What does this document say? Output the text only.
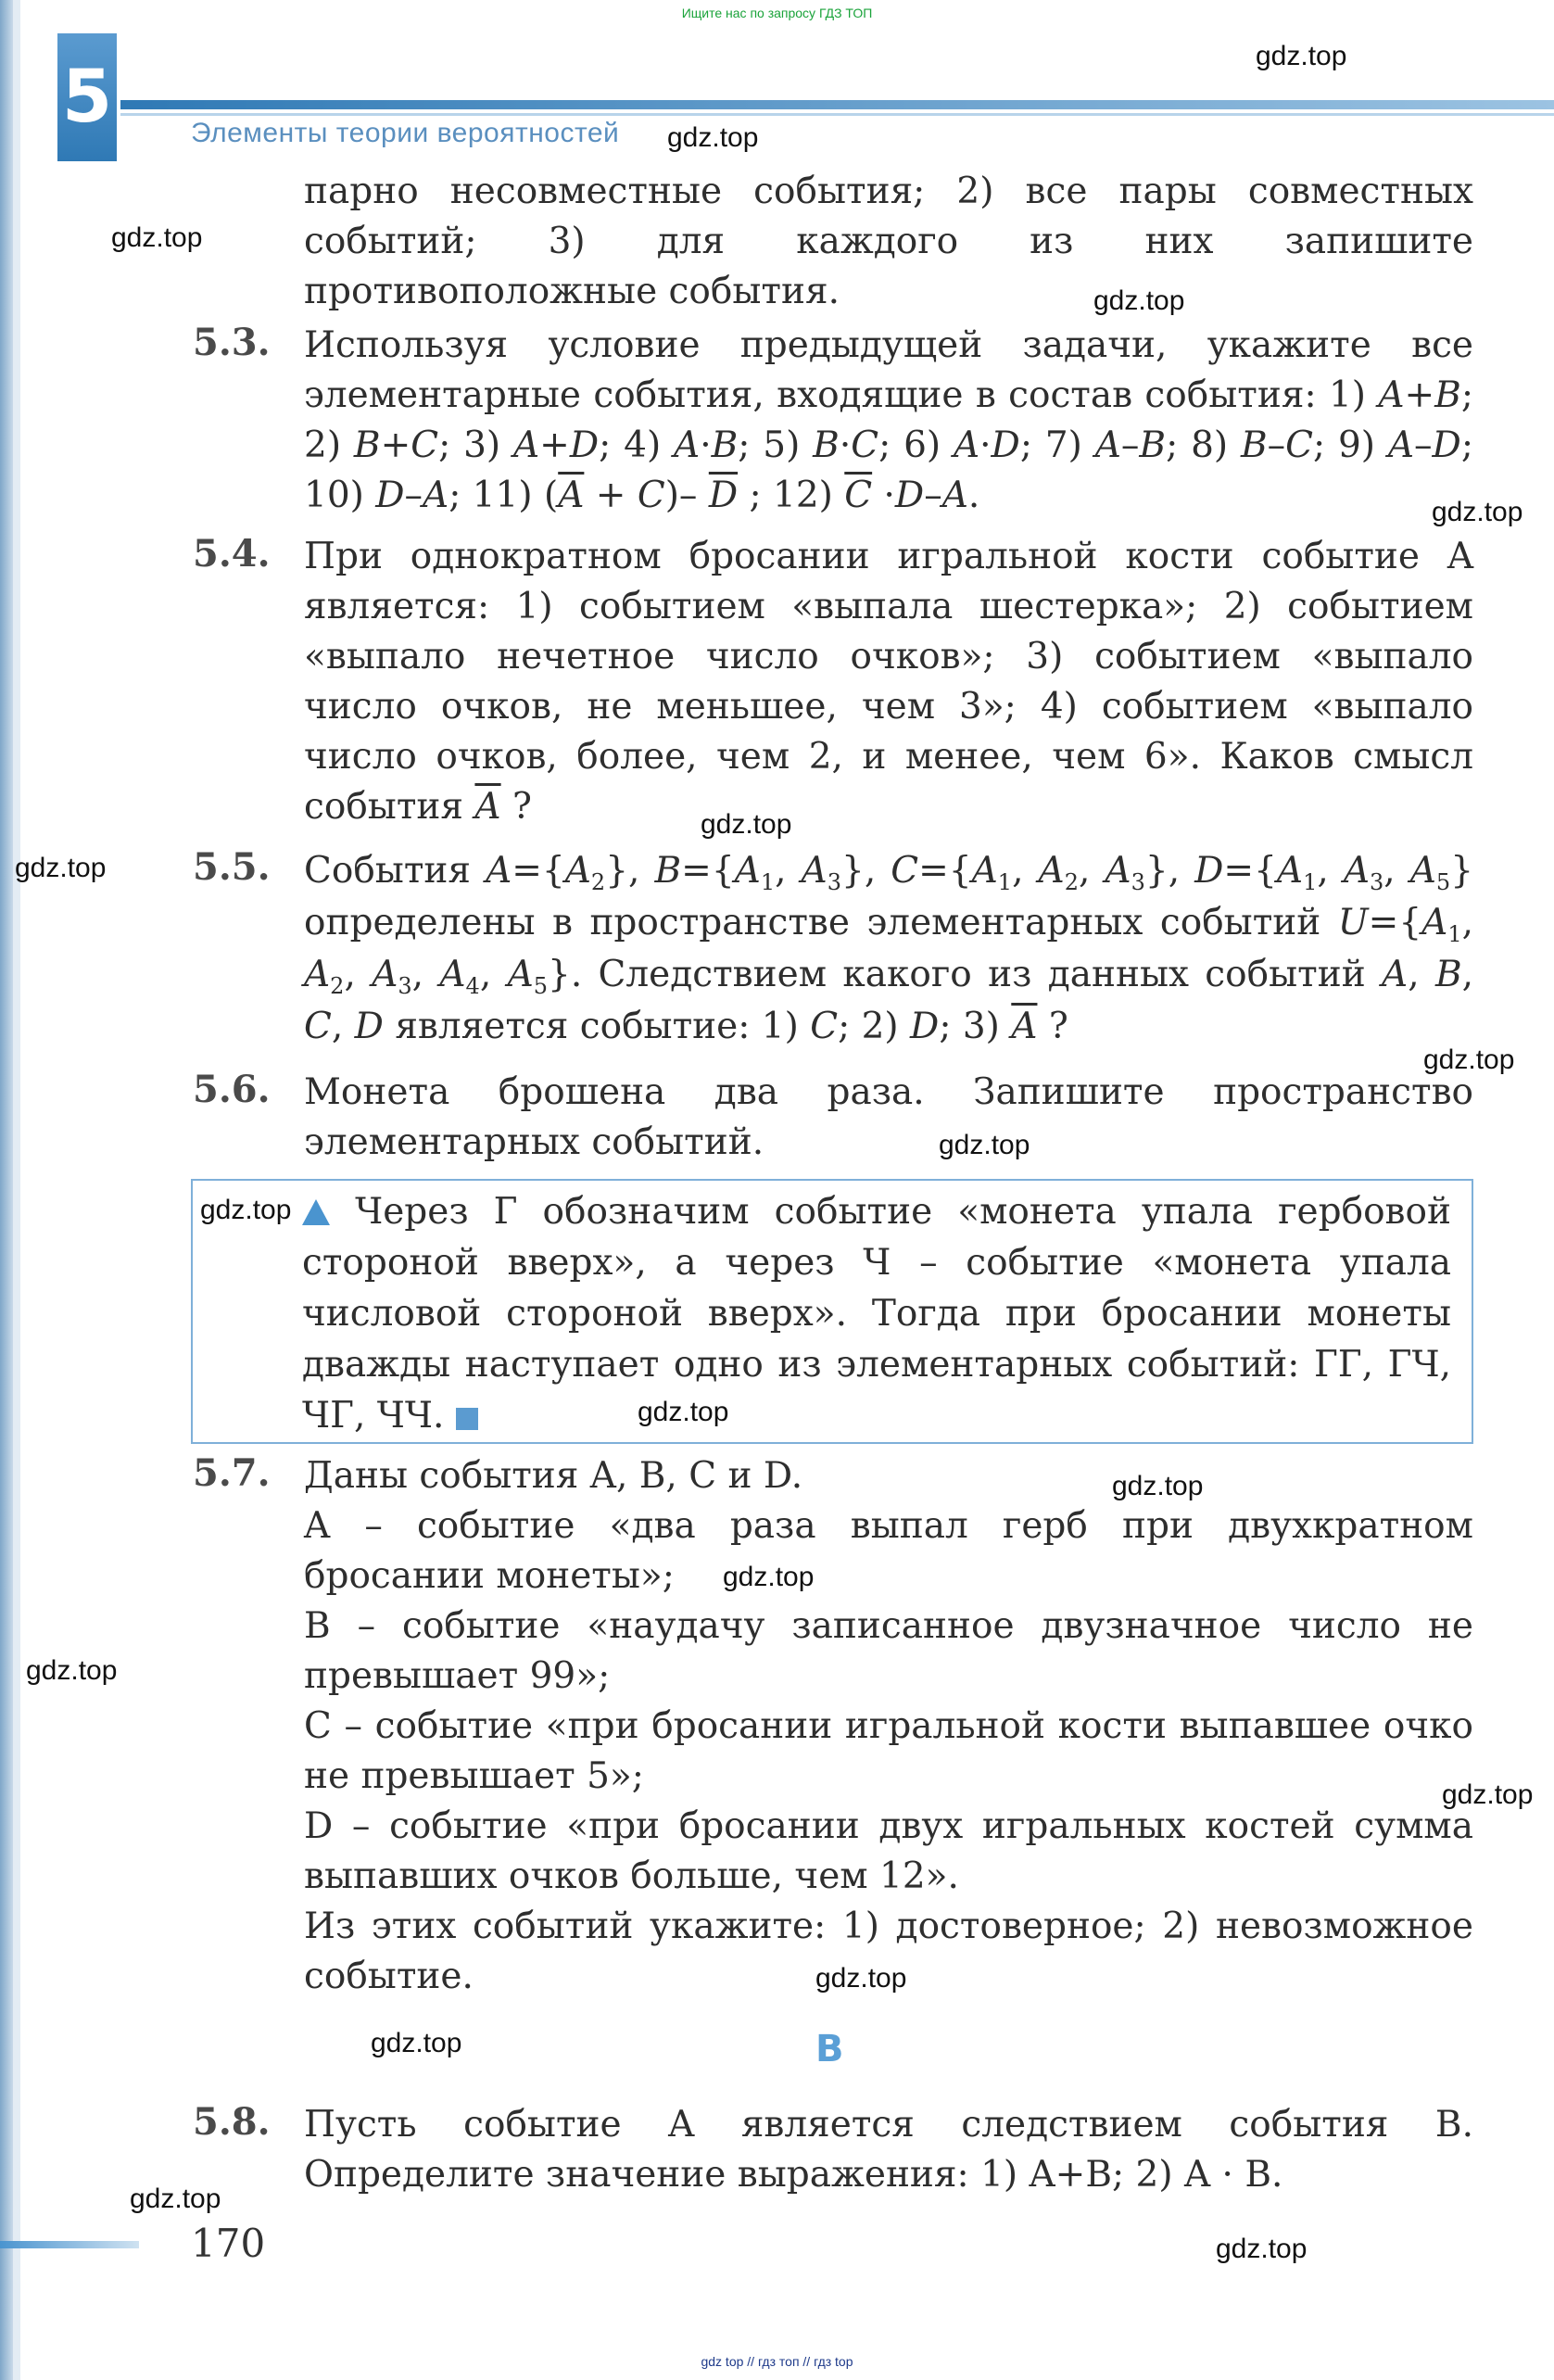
Ищите нас по запросу ГДЗ ТОП
5	Элементы теории вероятностей
парно несовместные события; 2) все пары совместных событий; 3) для каждого из них запишите противоположные события.
5.3. Используя условие предыдущей задачи, укажите все элементарные события, входящие в состав события: 1) A+B; 2) B+C; 3) A+D; 4) A·B; 5) B·C; 6) A·D; 7) A–B; 8) B–C; 9) A–D; 10) D–A; 11) $(\overline{A} + C)-$ $\overline{D}$ ; 12) $\overline{C} \cdot D-A$.
5.4. При однократном бросании игральной кости событие A является: 1) событием «выпала шестерка»; 2) событием «выпало нечетное число очков»; 3) событием «выпало число очков, не меньшее, чем 3»; 4) событием «выпало число очков, более, чем 2, и менее, чем 6». Каков смысл события $\overline{A}$ ?
5.5. События $A=\{A_2\}$, $B=\{A_1$, $A_3$}, $C=\{A_1$, $A_2$, $A_3$}, $D=\{A_1$, $A_3$, $A_5$} определены в пространстве элементарных событий $U=\{A_1$, $A_2$, $A_3$, $A_4$, $A_5$}. Следствием какого из данных событий A, B, C, D является событие: 1) C; 2) D; 3) $\overline{A}$ ?
5.6. Монета брошена два раза. Запишите пространство элементарных событий.
Через Г обозначим событие «монета упала гербовой стороной вверх», а через Ч – событие «монета упала числовой стороной вверх». Тогда при бросании монеты дважды наступает одно из элементарных событий: ГГ, ГЧ, ЧГ, ЧЧ.
5.7. Даны события A, B, C и D.
A – событие «два раза выпал герб при двухкратном бросании монеты»;
B – событие «наудачу записанное двузначное число не превышает 99»;
C – событие «при бросании игральной кости выпавшее очко не превышает 5»;
D – событие «при бросании двух игральных костей сумма выпавших очков больше, чем 12».
Из этих событий укажите: 1) достоверное; 2) невозможное событие.
B
5.8. Пусть событие A является следствием события B. Определите значение выражения: 1) A+B; 2) A · B.
170
gdz.top
gdz.top
gdz.top
gdz.top
gdz.top
gdz.top
gdz.top
gdz.top
gdz.top
gdz.top
gdz.top
gdz.top
gdz.top
gdz.top
gdz.top
gdz.top
gdz.top
gdz.top
gdz.top
gdz top // гдз топ // гдз top
